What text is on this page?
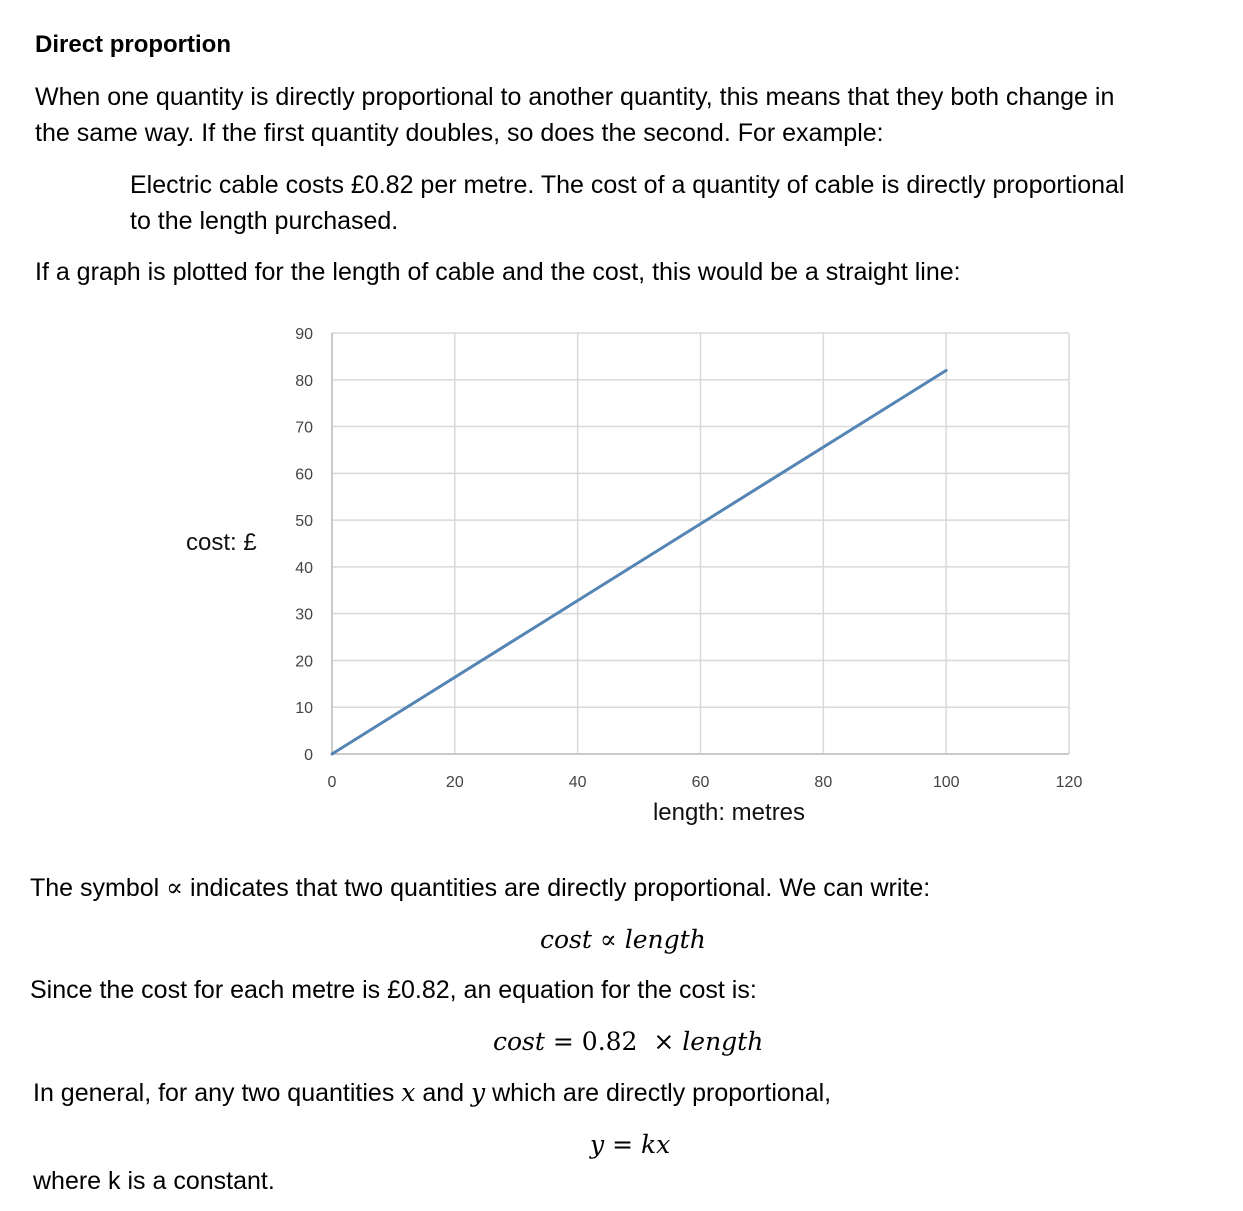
Direct proportion
When one quantity is directly proportional to another quantity, this means that they both change in
the same way. If the first quantity doubles, so does the second. For example:
Electric cable costs £0.82 per metre. The cost of a quantity of cable is directly proportional
to the length purchased.
If a graph is plotted for the length of cable and the cost, this would be a straight line:
0
10
20
30
40
50
60
70
80
90
0	20	40	60	80	100	120
cost: £
length: metres
The symbol ∝ indicates that two quantities are directly proportional. We can write:
cost ∝ length
Since the cost for each metre is £0.82, an equation for the cost is:
cost = 0.82 × length
In general, for any two quantities x and y which are directly proportional,
y = kx
where k is a constant.
